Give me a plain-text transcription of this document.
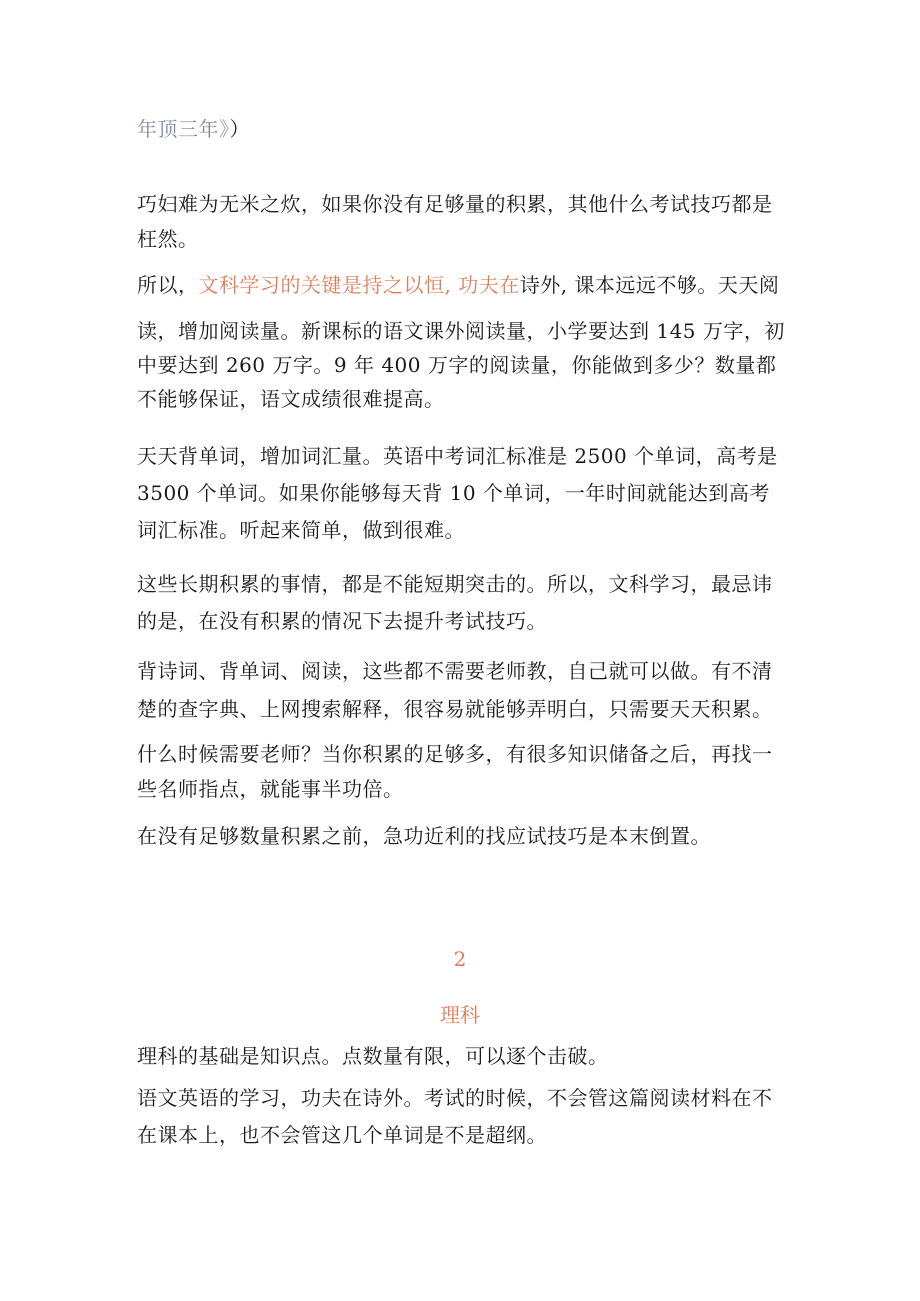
年顶三年》）

巧妇难为无米之炊，如果你没有足够量的积累，其他什么考试技巧都是枉然。

所以，文科学习的关键是持之以恒, 功夫在诗外, 课本远远不够。天天阅

读，增加阅读量。新课标的语文课外阅读量，小学要达到 145 万字，初中要达到 260 万字。9 年 400 万字的阅读量，你能做到多少？数量都不能够保证，语文成绩很难提高。

天天背单词，增加词汇量。英语中考词汇标准是 2500 个单词，高考是 3500 个单词。如果你能够每天背 10 个单词，一年时间就能达到高考词汇标准。听起来简单，做到很难。

这些长期积累的事情，都是不能短期突击的。所以，文科学习，最忌讳的是，在没有积累的情况下去提升考试技巧。

背诗词、背单词、阅读，这些都不需要老师教，自己就可以做。有不清楚的查字典、上网搜索解释，很容易就能够弄明白，只需要天天积累。

什么时候需要老师？当你积累的足够多，有很多知识储备之后，再找一些名师指点，就能事半功倍。

在没有足够数量积累之前，急功近利的找应试技巧是本末倒置。

2

理科

理科的基础是知识点。点数量有限，可以逐个击破。

语文英语的学习，功夫在诗外。考试的时候，不会管这篇阅读材料在不在课本上，也不会管这几个单词是不是超纲。
